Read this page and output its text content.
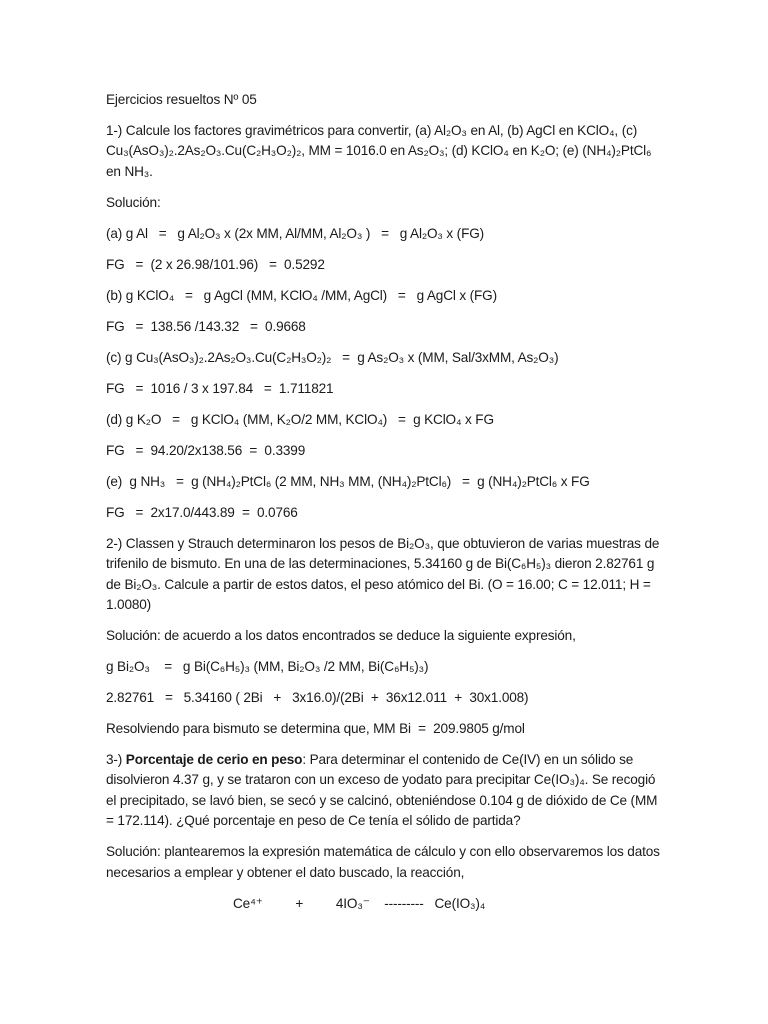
Ejercicios resueltos Nº 05
1-) Calcule los factores gravimétricos para convertir, (a) Al₂O₃ en Al, (b) AgCl en KClO₄, (c) Cu₃(AsO₃)₂.2As₂O₃.Cu(C₂H₃O₂)₂, MM = 1016.0 en As₂O₃; (d) KClO₄ en K₂O; (e) (NH₄)₂PtCl₆ en NH₃.
Solución:
(a) g Al   =   g Al₂O₃ x (2x MM, Al/MM, Al₂O₃ )   =   g Al₂O₃ x (FG)
FG   =  (2 x 26.98/101.96)   =  0.5292
(b) g KClO₄   =   g AgCl (MM, KClO₄ /MM, AgCl)   =   g AgCl x (FG)
FG   =  138.56 /143.32   =  0.9668
(c) g Cu₃(AsO₃)₂.2As₂O₃.Cu(C₂H₃O₂)₂   =  g As₂O₃ x (MM, Sal/3xMM, As₂O₃)
FG   =  1016 / 3 x 197.84   =  1.711821
(d) g K₂O   =   g KClO₄ (MM, K₂O/2 MM, KClO₄)   =  g KClO₄ x FG
FG   =  94.20/2x138.56  =  0.3399
(e)  g NH₃   =  g (NH₄)₂PtCl₆ (2 MM, NH₃ MM, (NH₄)₂PtCl₆)   =  g (NH₄)₂PtCl₆ x FG
FG   =  2x17.0/443.89  =  0.0766
2-) Classen y Strauch determinaron los pesos de Bi₂O₃, que obtuvieron de varias muestras de trifenilo de bismuto. En una de las determinaciones, 5.34160 g de Bi(C₆H₅)₃ dieron 2.82761 g de Bi₂O₃. Calcule a partir de estos datos, el peso atómico del Bi. (O = 16.00; C = 12.011; H = 1.0080)
Solución: de acuerdo a los datos encontrados se deduce la siguiente expresión,
g Bi₂O₃    =   g Bi(C₆H₅)₃ (MM, Bi₂O₃ /2 MM, Bi(C₆H₅)₃)
2.82761   =   5.34160 ( 2Bi   +   3x16.0)/(2Bi  +  36x12.011  +  30x1.008)
Resolviendo para bismuto se determina que, MM Bi  =  209.9805 g/mol
3-) Porcentaje de cerio en peso: Para determinar el contenido de Ce(IV) en un sólido se disolvieron 4.37 g, y se trataron con un exceso de yodato para precipitar Ce(IO₃)₄. Se recogió el precipitado, se lavó bien, se secó y se calcinó, obteniéndose 0.104 g de dióxido de Ce (MM = 172.114). ¿Qué porcentaje en peso de Ce tenía el sólido de partida?
Solución: plantearemos la expresión matemática de cálculo y con ello observaremos los datos necesarios a emplear y obtener el dato buscado, la reacción,
Ce⁴⁺         +         4IO₃⁻    ---------   Ce(IO₃)₄
